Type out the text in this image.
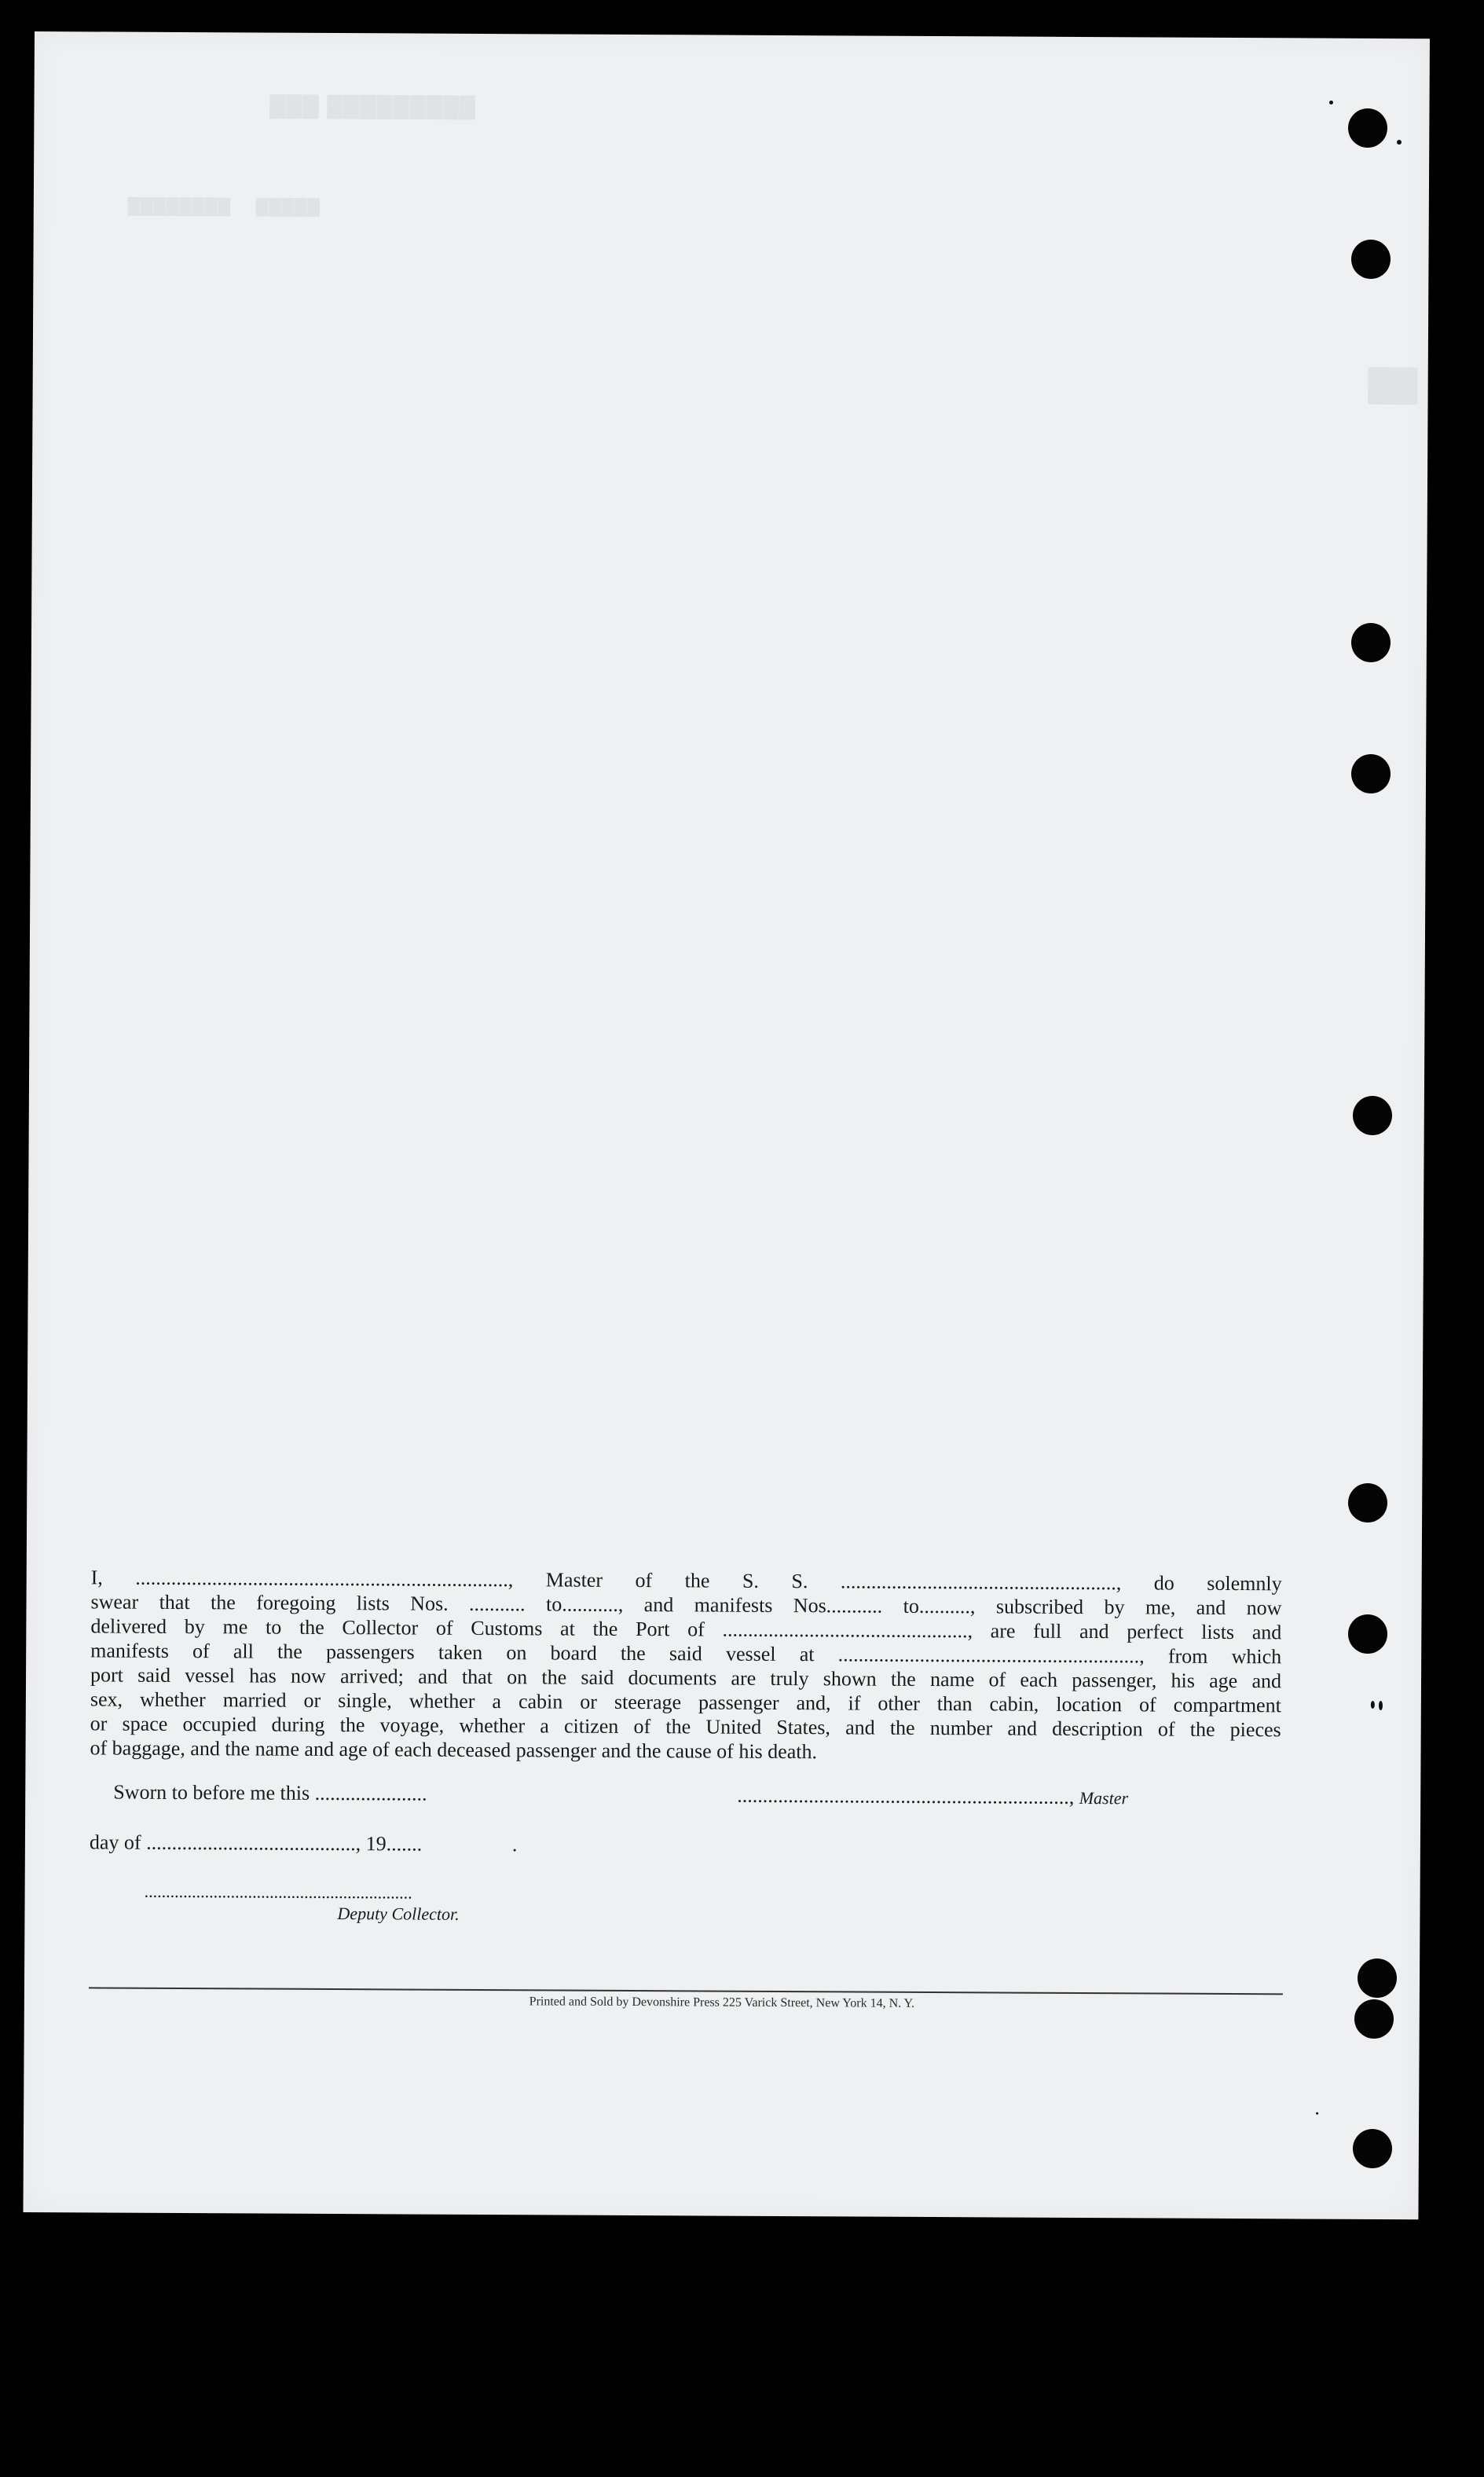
███ █████████
████████    █████
██
I, ........................................................................., Master of the S. S. ......................................................, do solemnly
swear that the foregoing lists Nos. ........... to..........., and manifests Nos........... to.........., subscribed by me, and now
delivered by me to the Collector of Customs at the Port of ................................................, are full and perfect lists and
manifests of all the passengers taken on board the said vessel at ..........................................................., from which
port said vessel has now arrived; and that on the said documents are truly shown the name of each passenger, his age and
sex, whether married or single, whether a cabin or steerage passenger and, if other than cabin, location of compartment
or space occupied during the voyage, whether a citizen of the United States, and the number and description of the pieces
of baggage, and the name and age of each deceased passenger and the cause of his death.
Sworn to before me this ......................	................................................................., Master
day of ........................................., 19.......	.
..............................................................
Deputy Collector.
Printed and Sold by Devonshire Press 225 Varick Street, New York 14, N. Y.
